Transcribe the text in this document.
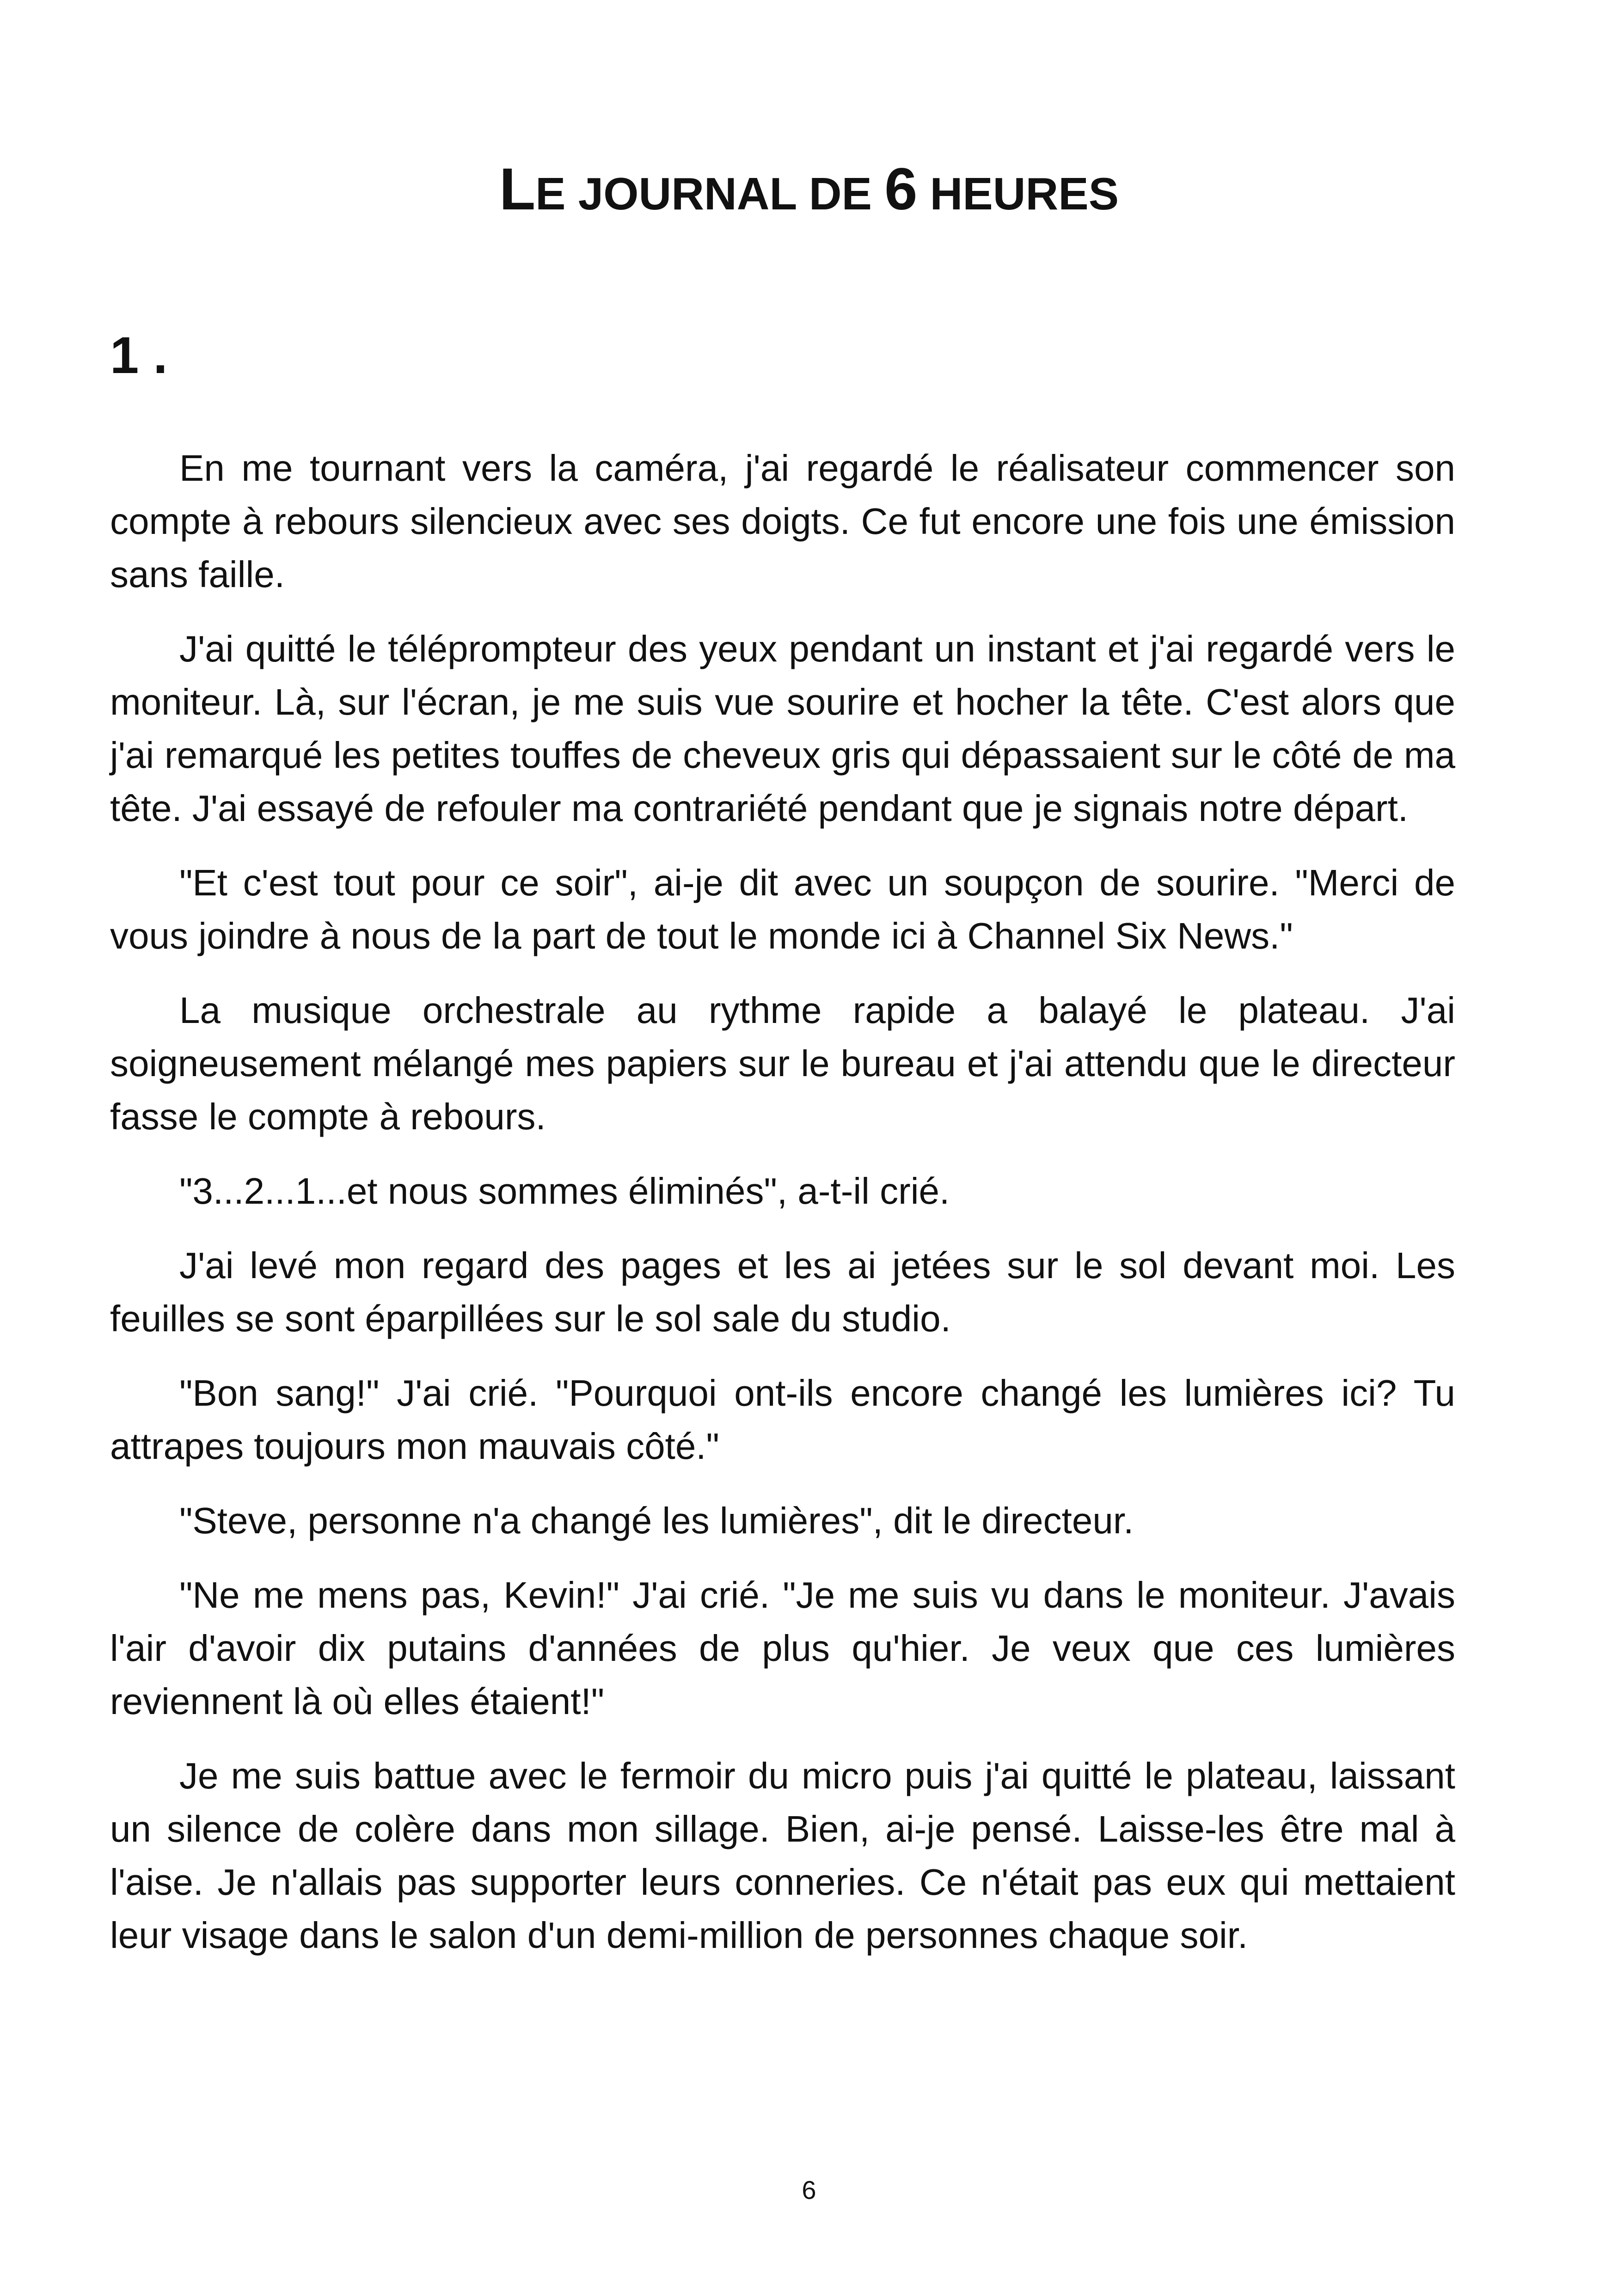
LE JOURNAL DE 6 HEURES
1 .

En me tournant vers la caméra, j'ai regardé le réalisateur commencer son compte à rebours silencieux avec ses doigts. Ce fut encore une fois une émission sans faille.

J'ai quitté le téléprompteur des yeux pendant un instant et j'ai regardé vers le moniteur. Là, sur l'écran, je me suis vue sourire et hocher la tête. C'est alors que j'ai remarqué les petites touffes de cheveux gris qui dépassaient sur le côté de ma tête. J'ai essayé de refouler ma contrariété pendant que je signais notre départ.

"Et c'est tout pour ce soir", ai-je dit avec un soupçon de sourire. "Merci de vous joindre à nous de la part de tout le monde ici à Channel Six News."

La musique orchestrale au rythme rapide a balayé le plateau. J'ai soigneusement mélangé mes papiers sur le bureau et j'ai attendu que le directeur fasse le compte à rebours.

"3...2...1...et nous sommes éliminés", a-t-il crié.

J'ai levé mon regard des pages et les ai jetées sur le sol devant moi. Les feuilles se sont éparpillées sur le sol sale du studio.

"Bon sang!" J'ai crié. "Pourquoi ont-ils encore changé les lumières ici? Tu attrapes toujours mon mauvais côté."

"Steve, personne n'a changé les lumières", dit le directeur.

"Ne me mens pas, Kevin!" J'ai crié. "Je me suis vu dans le moniteur. J'avais l'air d'avoir dix putains d'années de plus qu'hier. Je veux que ces lumières reviennent là où elles étaient!"

Je me suis battue avec le fermoir du micro puis j'ai quitté le plateau, laissant un silence de colère dans mon sillage. Bien, ai-je pensé. Laisse-les être mal à l'aise. Je n'allais pas supporter leurs conneries. Ce n'était pas eux qui mettaient leur visage dans le salon d'un demi-million de personnes chaque soir.

6
